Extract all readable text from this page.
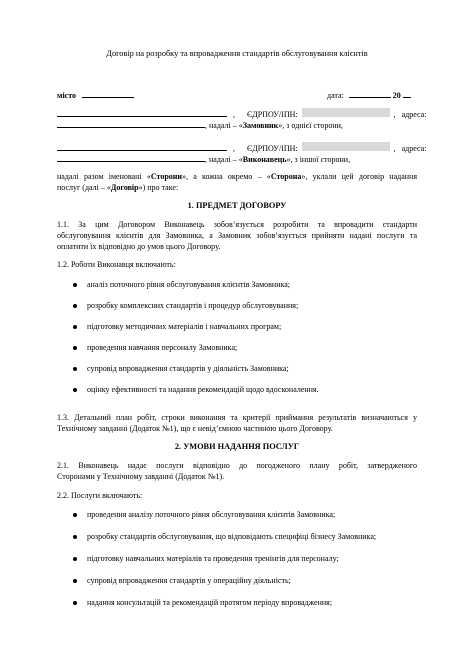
Договір на розробку та впровадження стандартів обслуговування клієнтів
місто	дата:	20
, ЄДРПОУ/ІПН:	, адреса:
, надалі – «Замовник», з однієї сторони,
, ЄДРПОУ/ІПН:	, адреса:
, надалі – «Виконавець», з іншої сторони,
надалі разом іменовані «Сторони», а кожна окремо – «Сторона», уклали цей договір надання
послуг (далі – «Договір») про таке:
1. ПРЕДМЕТ ДОГОВОРУ
1.1. За цим Договором Виконавець зобов’язується розробити та впровадити стандарти
обслуговування клієнтів для Замовника, а Замовник зобов’язується прийняти надані послуги та
оплатити їх відповідно до умов цього Договору.
1.2. Роботи Виконавця включають:
аналіз поточного рівня обслуговування клієнтів Замовника;
розробку комплексних стандартів і процедур обслуговування;
підготовку методичних матеріалів і навчальних програм;
проведення навчання персоналу Замовника;
супровід впровадження стандартів у діяльність Замовника;
оцінку ефективності та надання рекомендацій щодо вдосконалення.
1.3. Детальний план робіт, строки виконання та критерії приймання результатів визначаються у
Технічному завданні (Додаток №1), що є невід’ємною частиною цього Договору.
2. УМОВИ НАДАННЯ ПОСЛУГ
2.1. Виконавець надає послуги відповідно до погодженого плану робіт, затвердженого
Сторонами у Технічному завданні (Додаток №1).
2.2. Послуги включають:
проведення аналізу поточного рівня обслуговування клієнтів Замовника;
розробку стандартів обслуговування, що відповідають специфіці бізнесу Замовника;
підготовку навчальних матеріалів та проведення тренінгів для персоналу;
супровід впровадження стандартів у операційну діяльність;
надання консультацій та рекомендацій протягом періоду впровадження;
